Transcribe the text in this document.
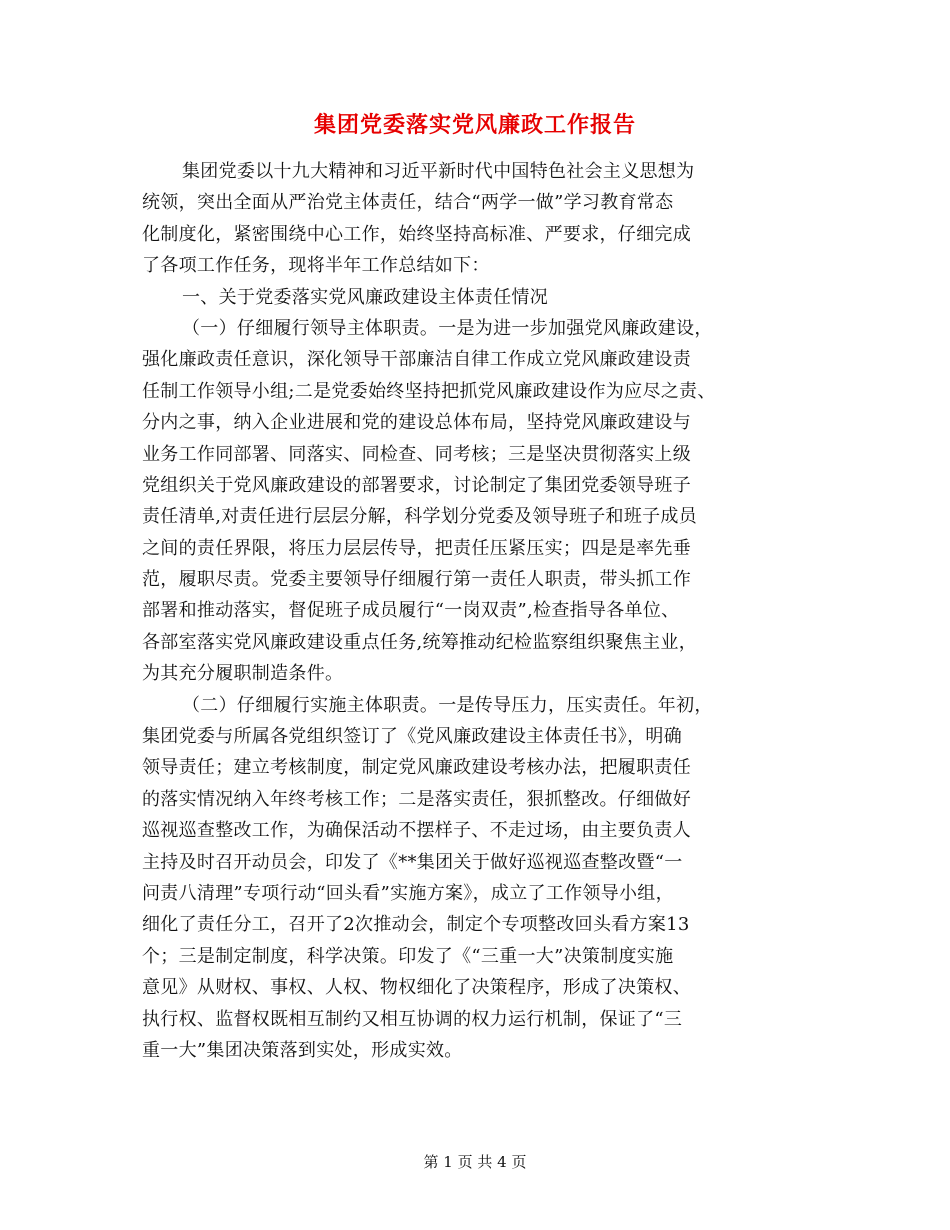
集团党委落实党风廉政工作报告
集团党委以十九大精神和习近平新时代中国特色社会主义思想为
统领，突出全面从严治党主体责任，结合“两学一做”学习教育常态
化制度化，紧密围绕中心工作，始终坚持高标准、严要求，仔细完成
了各项工作任务，现将半年工作总结如下：
一、关于党委落实党风廉政建设主体责任情况
（一）仔细履行领导主体职责。一是为进一步加强党风廉政建设，
强化廉政责任意识，深化领导干部廉洁自律工作成立党风廉政建设责
任制工作领导小组;二是党委始终坚持把抓党风廉政建设作为应尽之责、
分内之事，纳入企业进展和党的建设总体布局，坚持党风廉政建设与
业务工作同部署、同落实、同检查、同考核；三是坚决贯彻落实上级
党组织关于党风廉政建设的部署要求，讨论制定了集团党委领导班子
责任清单,对责任进行层层分解，科学划分党委及领导班子和班子成员
之间的责任界限，将压力层层传导，把责任压紧压实；四是是率先垂
范，履职尽责。党委主要领导仔细履行第一责任人职责，带头抓工作
部署和推动落实，督促班子成员履行“一岗双责”,检查指导各单位、
各部室落实党风廉政建设重点任务,统筹推动纪检监察组织聚焦主业，
为其充分履职制造条件。
（二）仔细履行实施主体职责。一是传导压力，压实责任。年初，
集团党委与所属各党组织签订了《党风廉政建设主体责任书》，明确
领导责任；建立考核制度，制定党风廉政建设考核办法，把履职责任
的落实情况纳入年终考核工作；二是落实责任，狠抓整改。仔细做好
巡视巡查整改工作，为确保活动不摆样子、不走过场，由主要负责人
主持及时召开动员会，印发了《**集团关于做好巡视巡查整改暨“一
问责八清理”专项行动“回头看”实施方案》，成立了工作领导小组，
细化了责任分工，召开了2次推动会，制定个专项整改回头看方案13
个；三是制定制度，科学决策。印发了《“三重一大”决策制度实施
意见》从财权、事权、人权、物权细化了决策程序，形成了决策权、
执行权、监督权既相互制约又相互协调的权力运行机制，保证了“三
重一大”集团决策落到实处，形成实效。
第 1 页 共 4 页
